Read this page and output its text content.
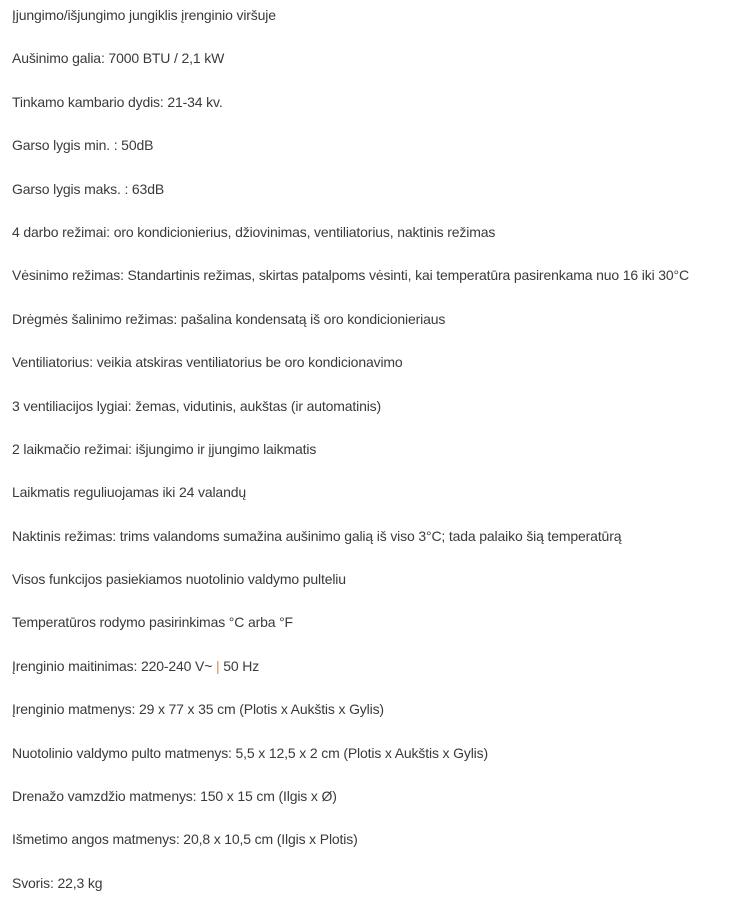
Įjungimo/išjungimo jungiklis įrenginio viršuje
Aušinimo galia: 7000 BTU / 2,1 kW
Tinkamo kambario dydis: 21-34 kv.
Garso lygis min. : 50dB
Garso lygis maks. : 63dB
4 darbo režimai: oro kondicionierius, džiovinimas, ventiliatorius, naktinis režimas
Vėsinimo režimas: Standartinis režimas, skirtas patalpoms vėsinti, kai temperatūra pasirenkama nuo 16 iki 30°C
Drėgmės šalinimo režimas: pašalina kondensatą iš oro kondicionieriaus
Ventiliatorius: veikia atskiras ventiliatorius be oro kondicionavimo
3 ventiliacijos lygiai: žemas, vidutinis, aukštas (ir automatinis)
2 laikmačio režimai: išjungimo ir įjungimo laikmatis
Laikmatis reguliuojamas iki 24 valandų
Naktinis režimas: trims valandoms sumažina aušinimo galią iš viso 3°C; tada palaiko šią temperatūrą
Visos funkcijos pasiekiamos nuotolinio valdymo pulteliu
Temperatūros rodymo pasirinkimas °C arba °F
Įrenginio maitinimas: 220-240 V~ | 50 Hz
Įrenginio matmenys: 29 x 77 x 35 cm (Plotis x Aukštis x Gylis)
Nuotolinio valdymo pulto matmenys: 5,5 x 12,5 x 2 cm (Plotis x Aukštis x Gylis)
Drenažo vamzdžio matmenys: 150 x 15 cm (Ilgis x Ø)
Išmetimo angos matmenys: 20,8 x 10,5 cm (Ilgis x Plotis)
Svoris: 22,3 kg
